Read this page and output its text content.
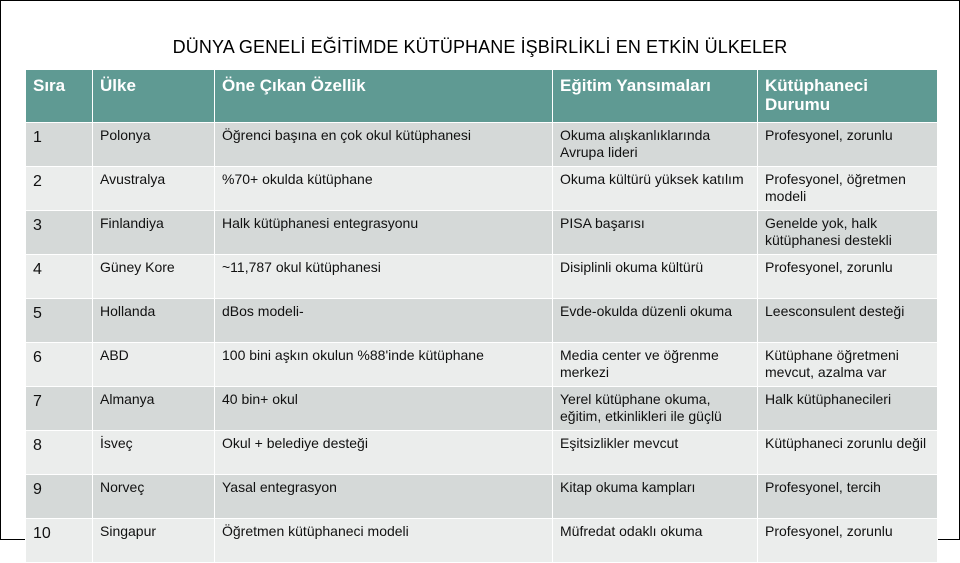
DÜNYA GENELİ EĞİTİMDE KÜTÜPHANE İŞBİRLİKLİ EN ETKİN ÜLKELER
Sıra	Ülke	Öne Çıkan Özellik	Eğitim Yansımaları	Kütüphaneci Durumu
1	Polonya	Öğrenci başına en çok okul kütüphanesi	Okuma alışkanlıklarında Avrupa lideri	Profesyonel, zorunlu
2	Avustralya	%70+ okulda kütüphane	Okuma kültürü yüksek katılım	Profesyonel, öğretmen modeli
3	Finlandiya	Halk kütüphanesi entegrasyonu	PISA başarısı	Genelde yok, halk kütüphanesi destekli
4	Güney Kore	~11,787 okul kütüphanesi	Disiplinli okuma kültürü	Profesyonel, zorunlu
5	Hollanda	dBos modeli-	Evde-okulda düzenli okuma	Leesconsulent desteği
6	ABD	100 bini aşkın okulun %88'inde kütüphane	Media center ve öğrenme merkezi	Kütüphane öğretmeni mevcut, azalma var
7	Almanya	40 bin+ okul	Yerel kütüphane okuma, eğitim, etkinlikleri ile güçlü	Halk kütüphanecileri
8	İsveç	Okul + belediye desteği	Eşitsizlikler mevcut	Kütüphaneci zorunlu değil
9	Norveç	Yasal entegrasyon	Kitap okuma kampları	Profesyonel, tercih
10	Singapur	Öğretmen kütüphaneci modeli	Müfredat odaklı okuma	Profesyonel, zorunlu
